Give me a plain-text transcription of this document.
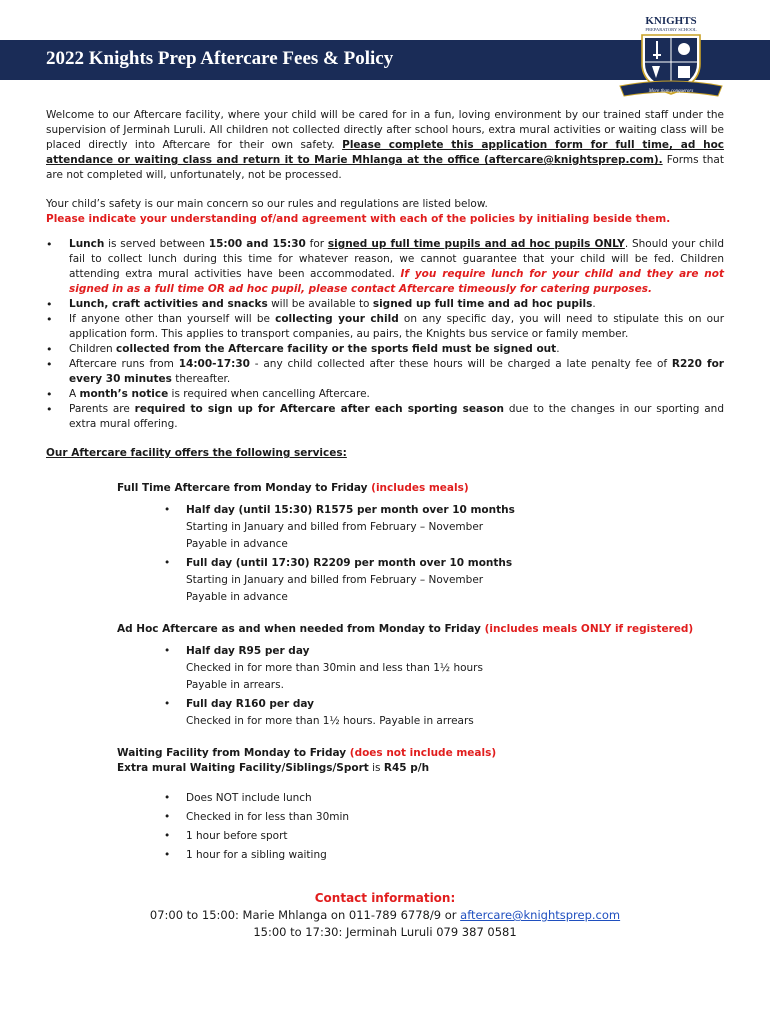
2022 Knights Prep Aftercare Fees & Policy
KNIGHTS
PREPARATORY SCHOOL
More than conquerors

Welcome to our Aftercare facility, where your child will be cared for in a fun, loving environment by our trained staff under the supervision of Jerminah Luruli. All children not collected directly after school hours, extra mural activities or waiting class will be placed directly into Aftercare for their own safety. Please complete this application form for full time, ad hoc attendance or waiting class and return it to Marie Mhlanga at the office (aftercare@knightsprep.com). Forms that are not completed will, unfortunately, not be processed.

Your child’s safety is our main concern so our rules and regulations are listed below.

Please indicate your understanding of/and agreement with each of the policies by initialing beside them.

• Lunch is served between 15:00 and 15:30 for signed up full time pupils and ad hoc pupils ONLY. Should your child fail to collect lunch during this time for whatever reason, we cannot guarantee that your child will be fed. Children attending extra mural activities have been accommodated. If you require lunch for your child and they are not signed in as a full time OR ad hoc pupil, please contact Aftercare timeously for catering purposes.
• Lunch, craft activities and snacks will be available to signed up full time and ad hoc pupils.
• If anyone other than yourself will be collecting your child on any specific day, you will need to stipulate this on our application form. This applies to transport companies, au pairs, the Knights bus service or family member.
• Children collected from the Aftercare facility or the sports field must be signed out.
• Aftercare runs from 14:00-17:30 - any child collected after these hours will be charged a late penalty fee of R220 for every 30 minutes thereafter.
• A month’s notice is required when cancelling Aftercare.
• Parents are required to sign up for Aftercare after each sporting season due to the changes in our sporting and extra mural offering.

Our Aftercare facility offers the following services:

Full Time Aftercare from Monday to Friday (includes meals)

• Half day (until 15:30) R1575 per month over 10 months
Starting in January and billed from February – November
Payable in advance
• Full day (until 17:30) R2209 per month over 10 months
Starting in January and billed from February – November
Payable in advance

Ad Hoc Aftercare as and when needed from Monday to Friday (includes meals ONLY if registered)

• Half day R95 per day
Checked in for more than 30min and less than 1½ hours
Payable in arrears.
• Full day R160 per day
Checked in for more than 1½ hours. Payable in arrears

Waiting Facility from Monday to Friday (does not include meals)

Extra mural Waiting Facility/Siblings/Sport is R45 p/h

• Does NOT include lunch
• Checked in for less than 30min
• 1 hour before sport
• 1 hour for a sibling waiting
Contact information:
07:00 to 15:00: Marie Mhlanga on 011-789 6778/9 or aftercare@knightsprep.com
15:00 to 17:30: Jerminah Luruli 079 387 0581
